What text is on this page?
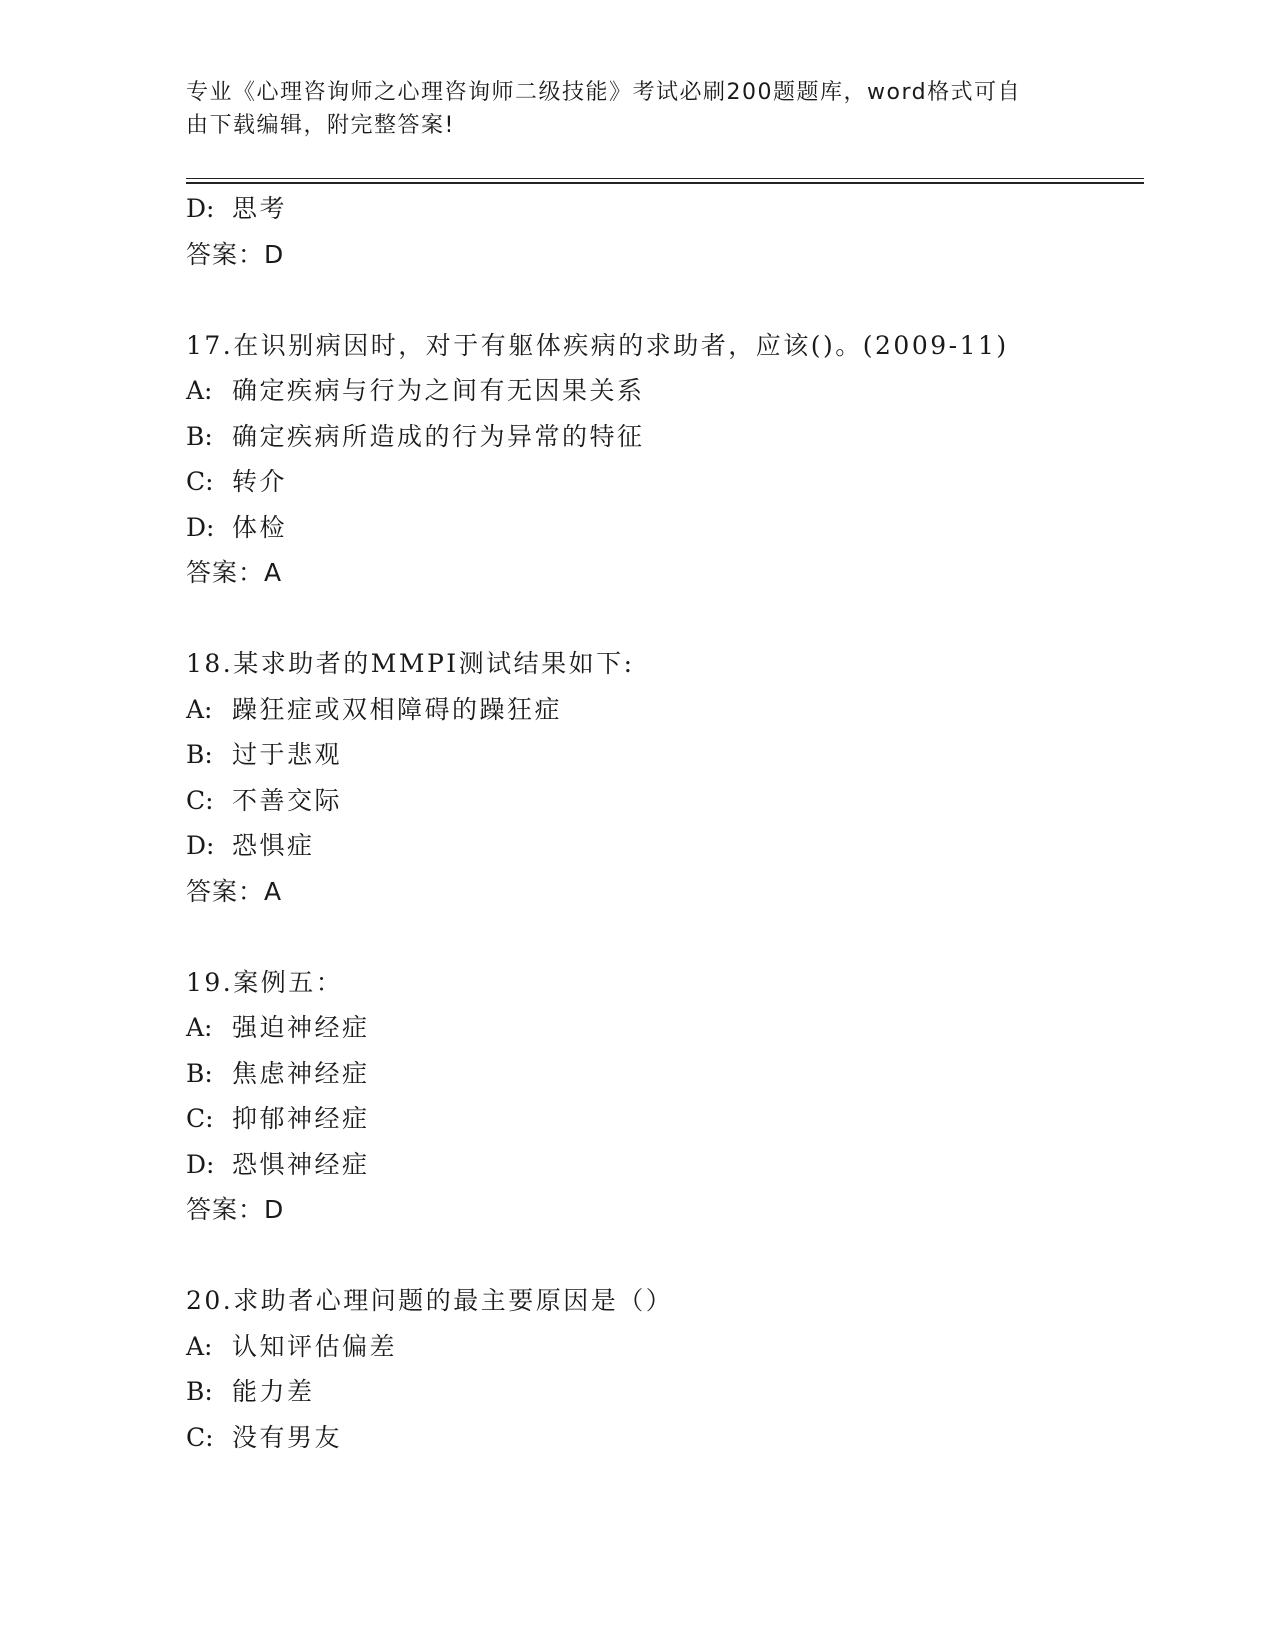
专业《心理咨询师之心理咨询师二级技能》考试必刷200题题库，word格式可自
由下载编辑，附完整答案!
D: 思考
答案：D
17.在识别病因时，对于有躯体疾病的求助者，应该()。(2009-11)
A: 确定疾病与行为之间有无因果关系
B: 确定疾病所造成的行为异常的特征
C: 转介
D: 体检
答案：A
18.某求助者的MMPI测试结果如下:
A: 躁狂症或双相障碍的躁狂症
B: 过于悲观
C: 不善交际
D: 恐惧症
答案：A
19.案例五：
A: 强迫神经症
B: 焦虑神经症
C: 抑郁神经症
D: 恐惧神经症
答案：D
20.求助者心理问题的最主要原因是（）
A: 认知评估偏差
B: 能力差
C: 没有男友
